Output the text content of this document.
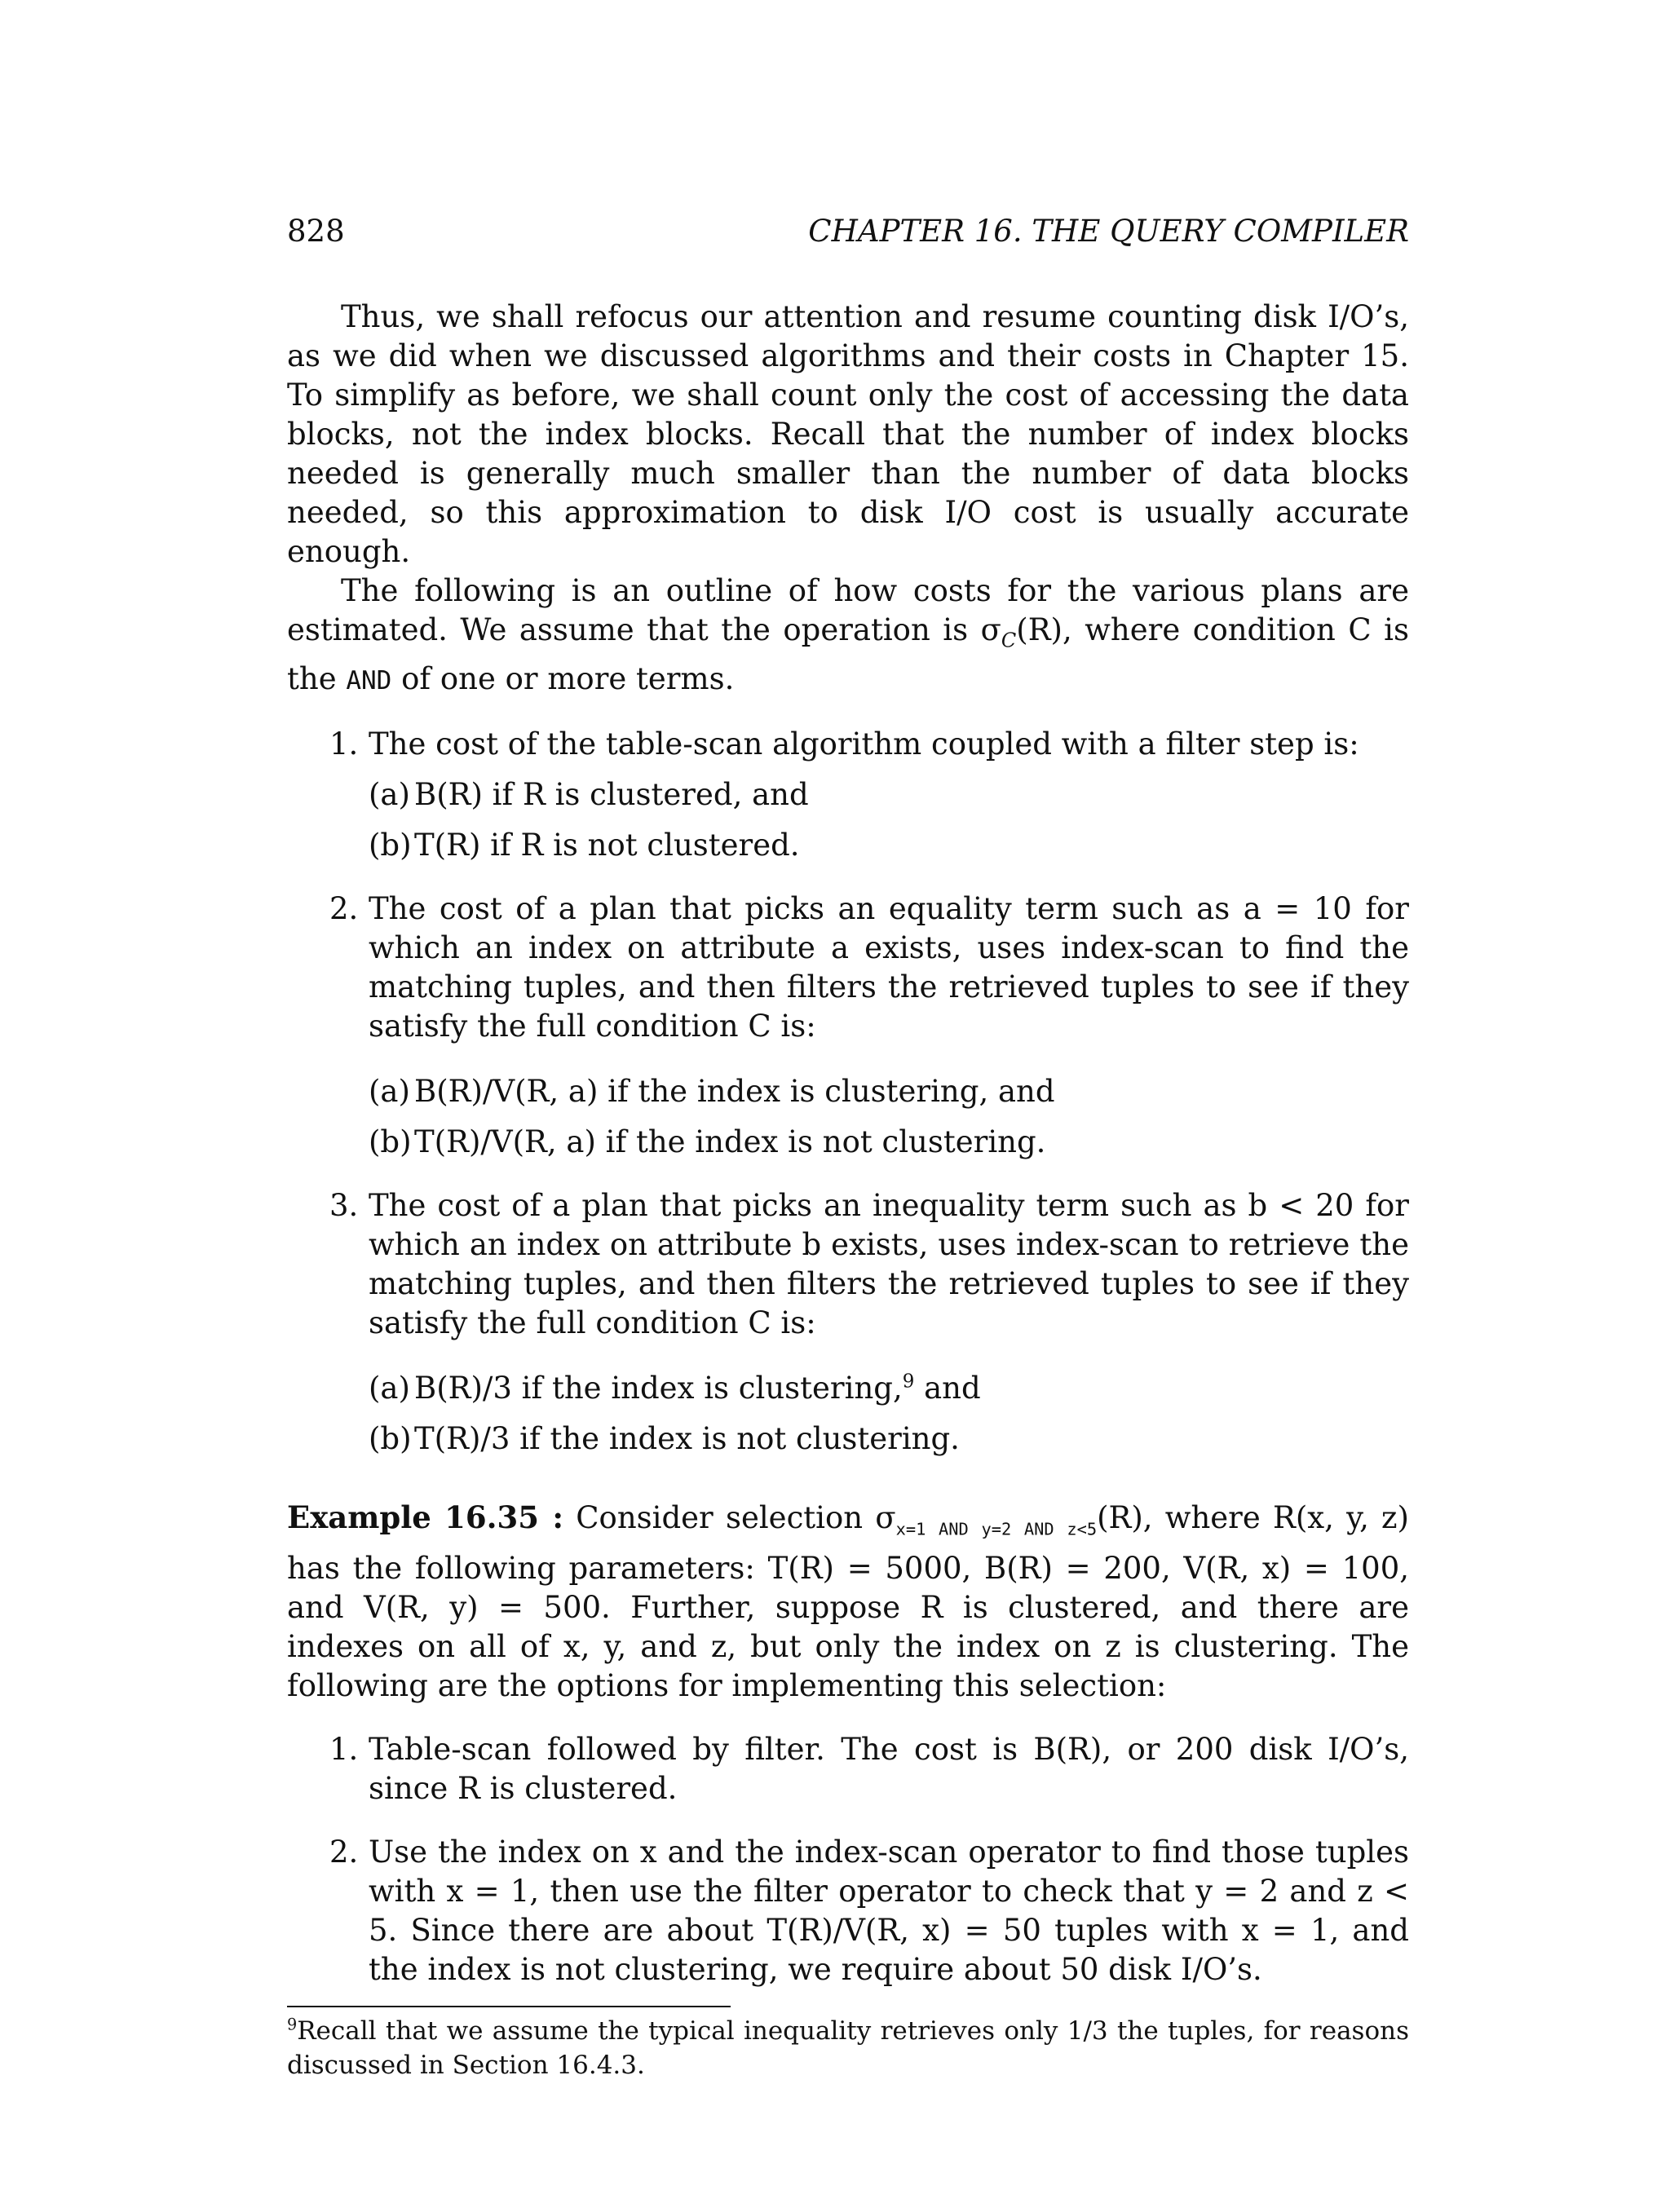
828	CHAPTER 16. THE QUERY COMPILER

Thus, we shall refocus our attention and resume counting disk I/O’s, as we did when we discussed algorithms and their costs in Chapter 15. To simplify as before, we shall count only the cost of accessing the data blocks, not the index blocks. Recall that the number of index blocks needed is generally much smaller than the number of data blocks needed, so this approximation to disk I/O cost is usually accurate enough.

The following is an outline of how costs for the various plans are estimated. We assume that the operation is $\sigma_C(R)$, where condition C is the AND of one or more terms.

1. The cost of the table-scan algorithm coupled with a filter step is:

(a) B(R) if R is clustered, and

(b) T(R) if R is not clustered.

2. The cost of a plan that picks an equality term such as a = 10 for which an index on attribute a exists, uses index-scan to find the matching tuples, and then filters the retrieved tuples to see if they satisfy the full condition C is:

(a) B(R)/V(R, a) if the index is clustering, and

(b) T(R)/V(R, a) if the index is not clustering.

3. The cost of a plan that picks an inequality term such as b < 20 for which an index on attribute b exists, uses index-scan to retrieve the matching tuples, and then filters the retrieved tuples to see if they satisfy the full condition C is:

(a) B(R)/3 if the index is clustering,$^9$ and

(b) T(R)/3 if the index is not clustering.

Example 16.35 : Consider selection $\sigma_{x=1 AND y=2 AND z<5}(R)$, where R(x, y, z) has the following parameters: T(R) = 5000, B(R) = 200, V(R, x) = 100, and V(R, y) = 500. Further, suppose R is clustered, and there are indexes on all of x, y, and z, but only the index on z is clustering. The following are the options for implementing this selection:

1. Table-scan followed by filter. The cost is B(R), or 200 disk I/O’s, since R is clustered.

2. Use the index on x and the index-scan operator to find those tuples with x = 1, then use the filter operator to check that y = 2 and z < 5. Since there are about T(R)/V(R, x) = 50 tuples with x = 1, and the index is not clustering, we require about 50 disk I/O’s.

$^9$Recall that we assume the typical inequality retrieves only 1/3 the tuples, for reasons discussed in Section 16.4.3.
